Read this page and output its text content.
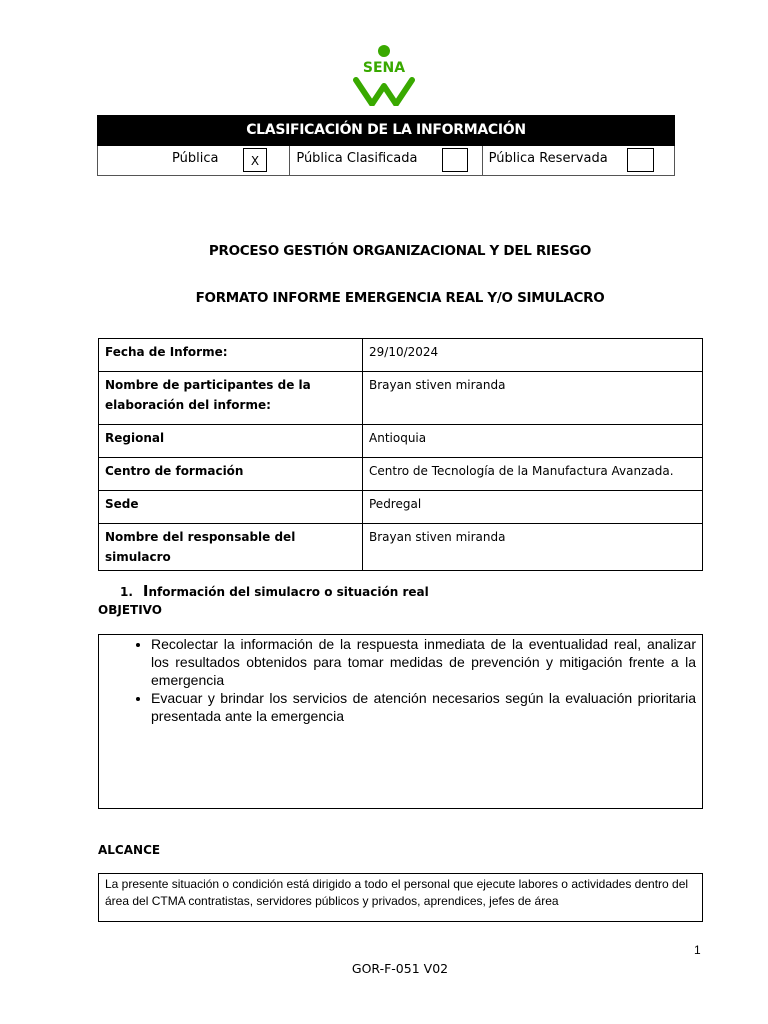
SENA
CLASIFICACIÓN DE LA INFORMACIÓN
Pública	X	Pública Clasificada	Pública Reservada
PROCESO GESTIÓN ORGANIZACIONAL Y DEL RIESGO
FORMATO INFORME EMERGENCIA REAL Y/O SIMULACRO
Fecha de Informe:	29/10/2024
Nombre de participantes de la elaboración del informe:	Brayan stiven miranda
Regional	Antioquia
Centro de formación	Centro de Tecnología de la Manufactura Avanzada.
Sede	Pedregal
Nombre del responsable del simulacro	Brayan stiven miranda
1. Información del simulacro o situación real
OBJETIVO
• Recolectar la información de la respuesta inmediata de la eventualidad real, analizar los resultados obtenidos para tomar medidas de prevención y mitigación frente a la emergencia
• Evacuar y brindar los servicios de atención necesarios según la evaluación prioritaria presentada ante la emergencia
ALCANCE
La presente situación o condición está dirigido a todo el personal que ejecute labores o actividades dentro del área del CTMA contratistas, servidores públicos y privados, aprendices, jefes de área
1
GOR-F-051 V02
